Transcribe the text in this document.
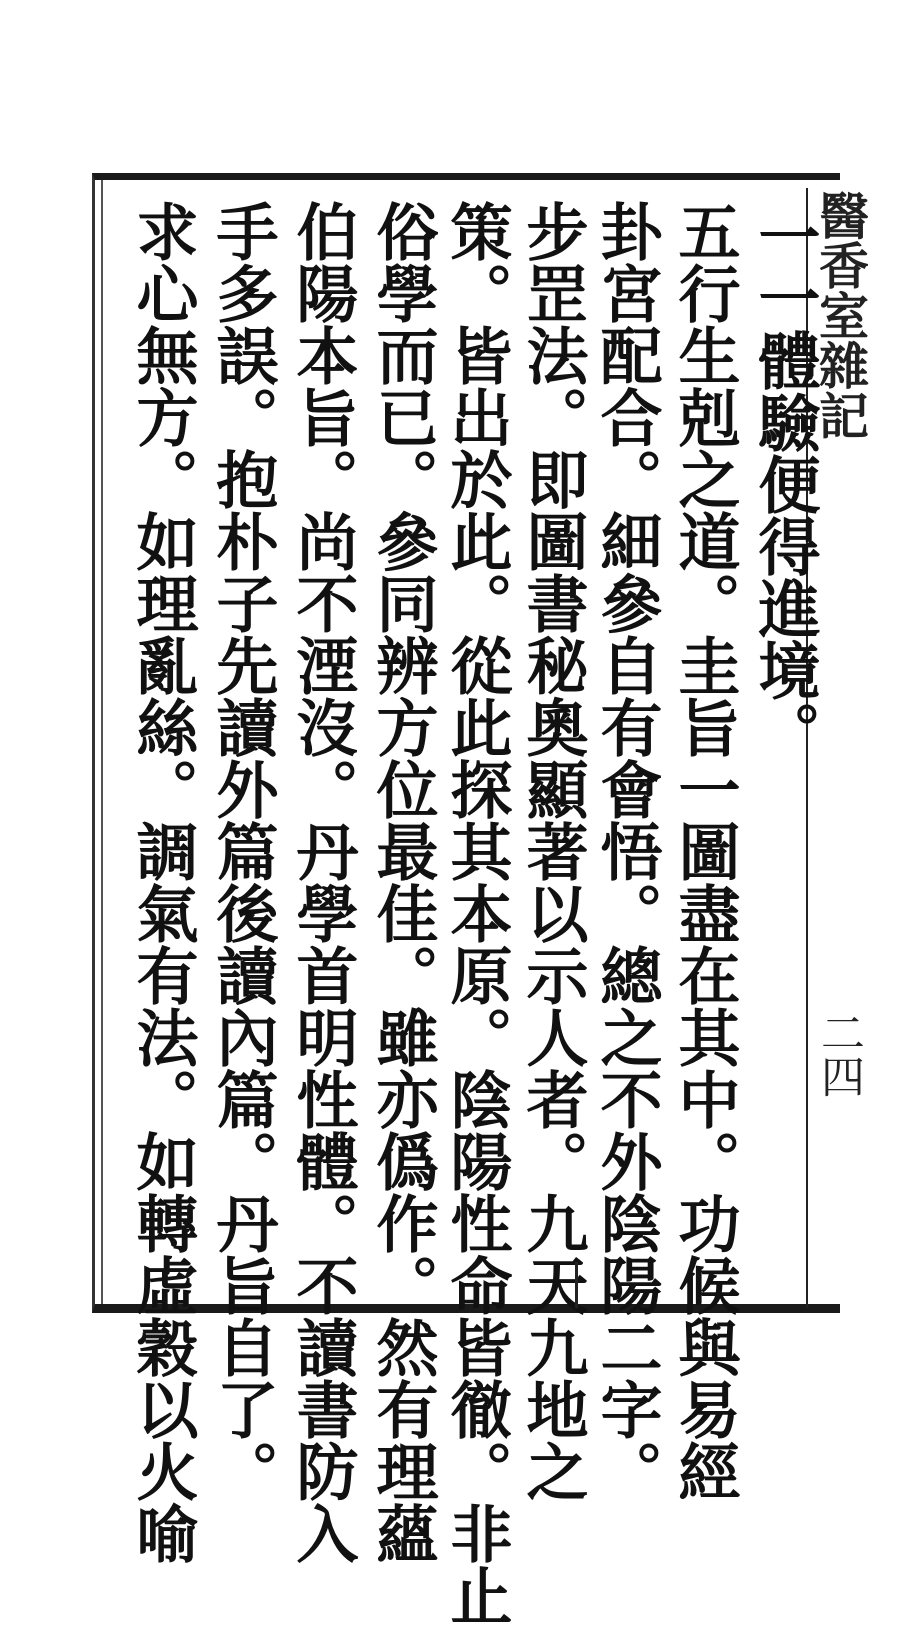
醫香室雜記
二四
一一體驗便得進境。
五行生剋之道。圭旨一圖盡在其中。功候與易經
卦宮配合。細參自有會悟。總之不外陰陽二字。
步罡法。即圖書秘奧顯著以示人者。九天九地之
策。皆出於此。從此探其本原。陰陽性命皆徹。非止
俗學而已。參同辨方位最佳。雖亦僞作。然有理蘊
伯陽本旨。尚不湮沒。丹學首明性體。不讀書防入
手多誤。抱朴子先讀外篇後讀內篇。丹旨自了。
求心無方。如理亂絲。調氣有法。如轉虛穀以火喻
